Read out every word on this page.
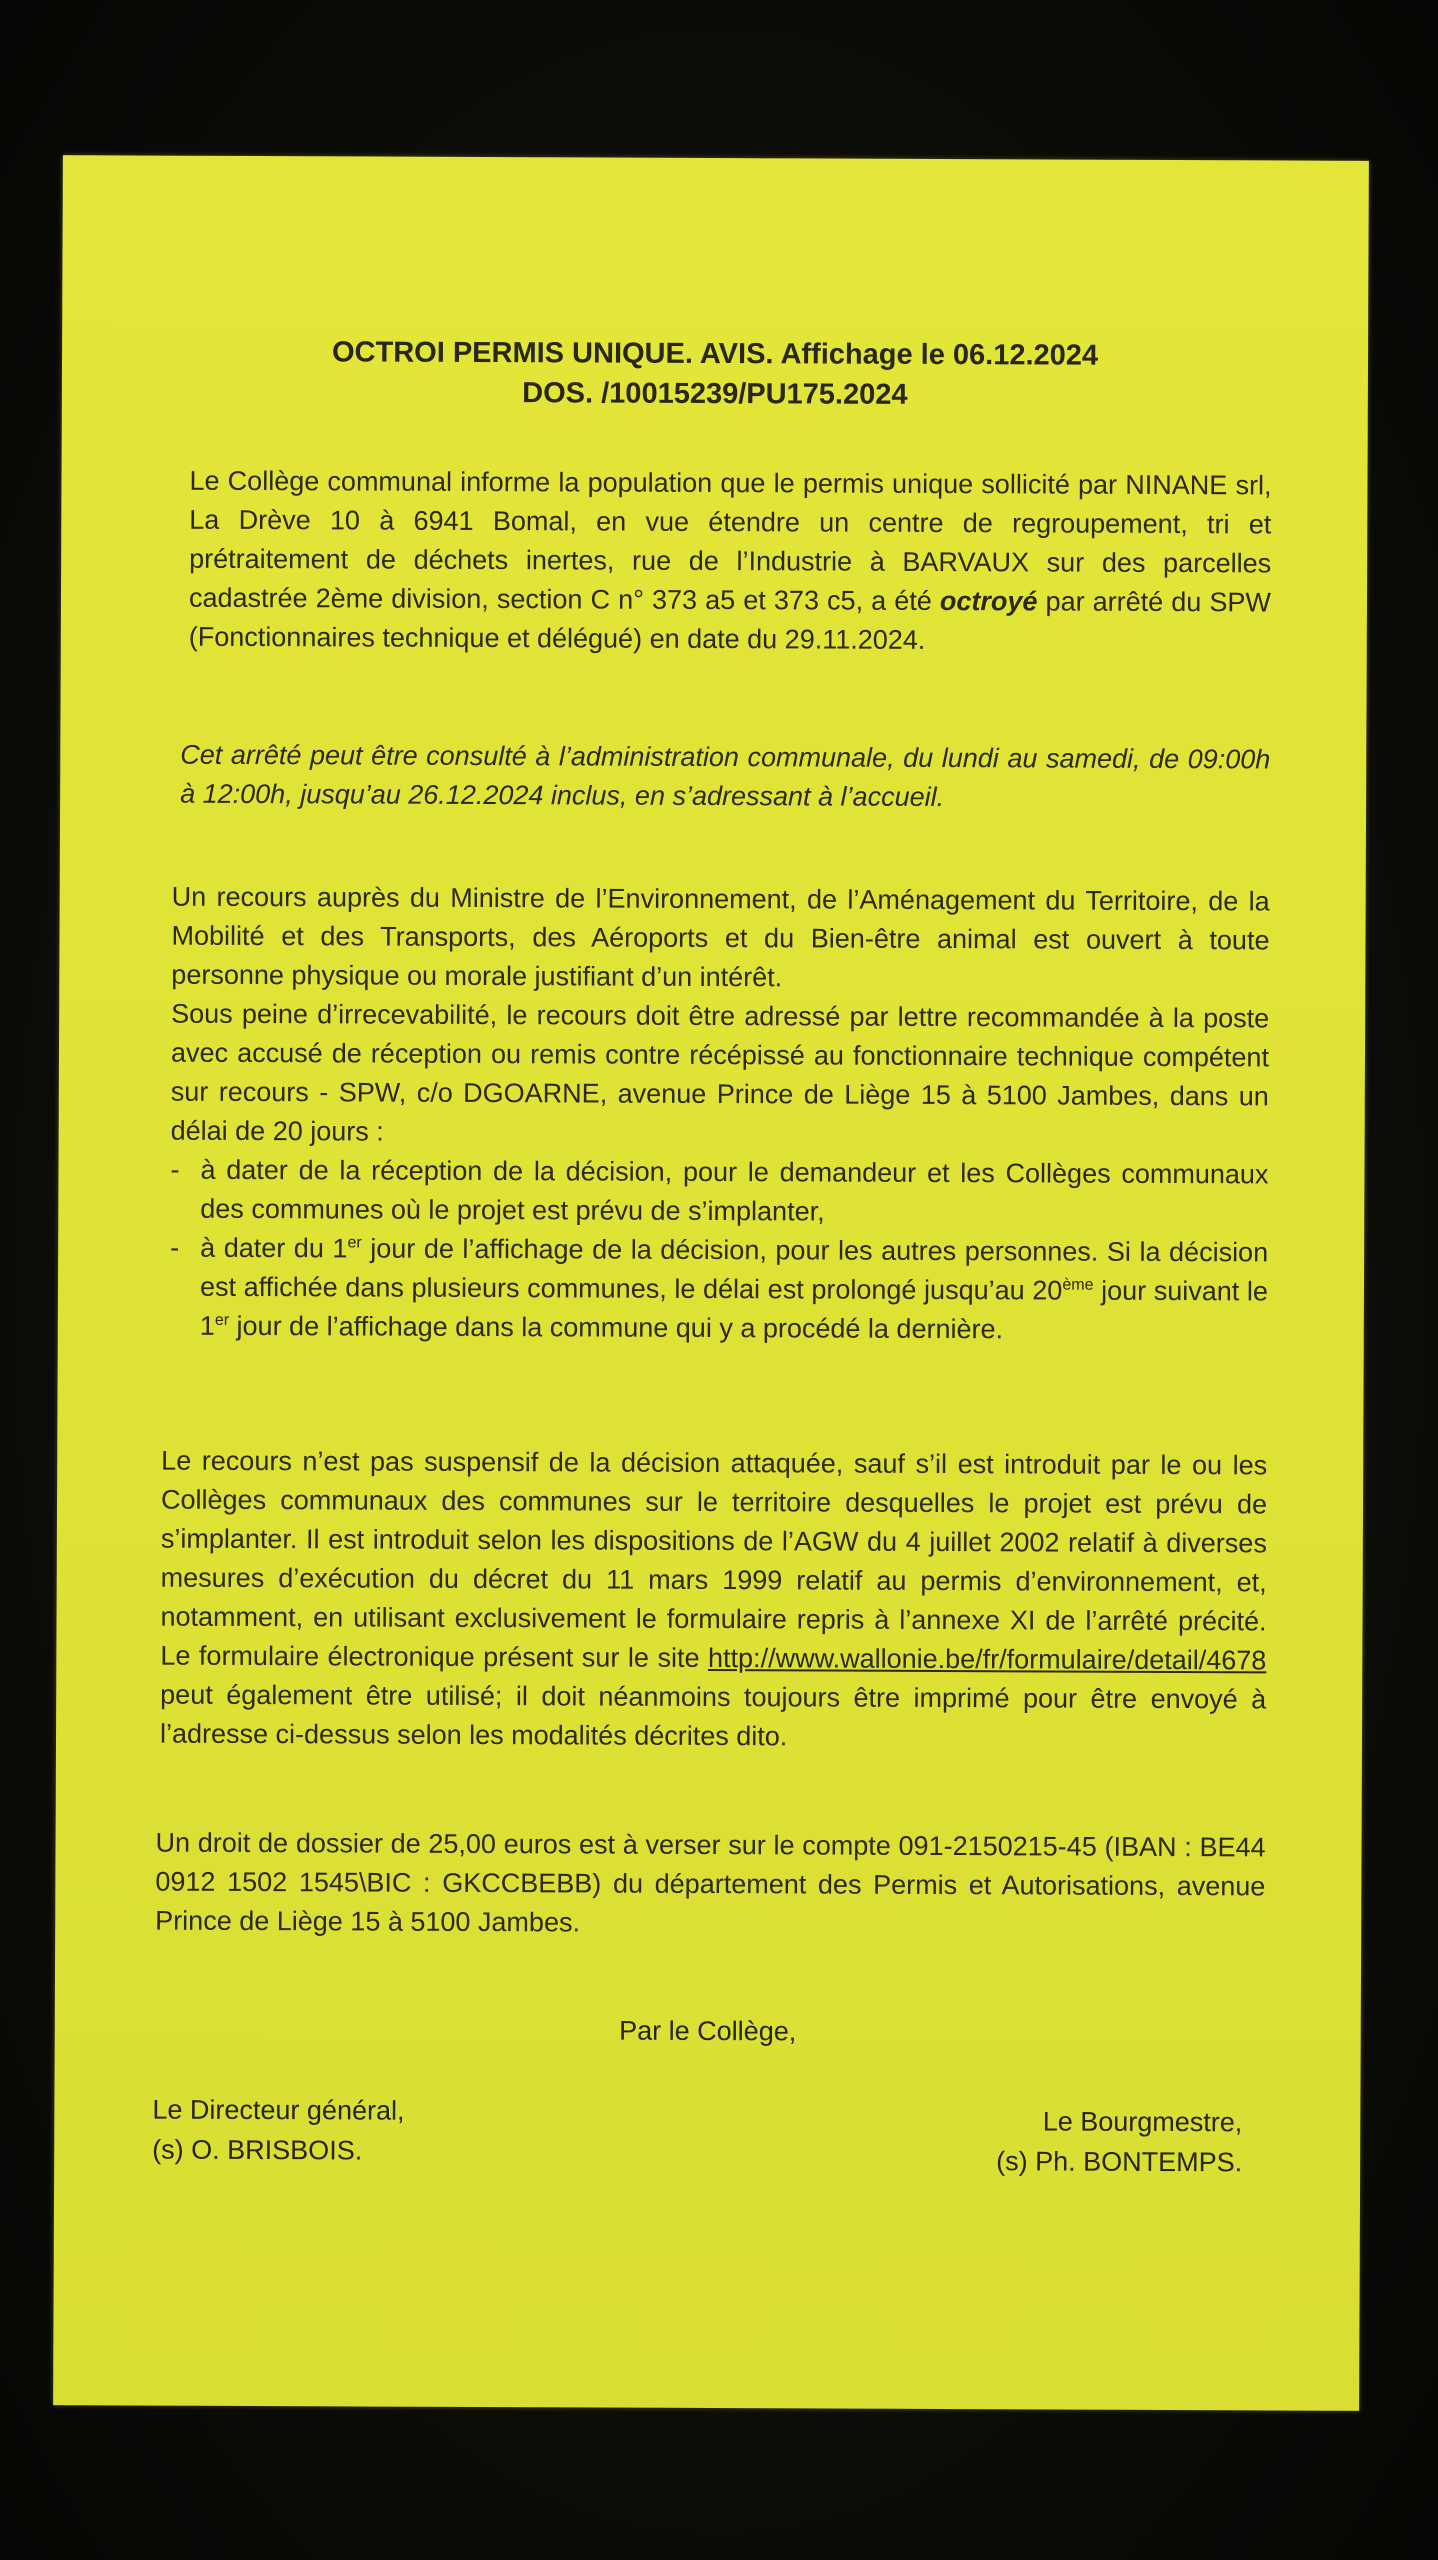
OCTROI PERMIS UNIQUE. AVIS. Affichage le 06.12.2024
DOS. /10015239/PU175.2024
Le Collège communal informe la population que le permis unique sollicité par NINANE srl, La Drève 10 à 6941 Bomal, en vue étendre un centre de regroupement, tri et prétraitement de déchets inertes, rue de l’Industrie à BARVAUX sur des parcelles cadastrée 2ème division, section C n° 373 a5 et 373 c5, a été octroyé par arrêté du SPW (Fonctionnaires technique et délégué) en date du 29.11.2024.
Cet arrêté peut être consulté à l’administration communale, du lundi au samedi, de 09:00h à 12:00h, jusqu’au 26.12.2024 inclus, en s’adressant à l’accueil.
Un recours auprès du Ministre de l’Environnement, de l’Aménagement du Territoire, de la Mobilité et des Transports, des Aéroports et du Bien-être animal est ouvert à toute personne physique ou morale justifiant d’un intérêt.
Sous peine d’irrecevabilité, le recours doit être adressé par lettre recommandée à la poste avec accusé de réception ou remis contre récépissé au fonctionnaire technique compétent sur recours - SPW, c/o DGOARNE, avenue Prince de Liège 15 à 5100 Jambes, dans un délai de 20 jours :
- à dater de la réception de la décision, pour le demandeur et les Collèges communaux des communes où le projet est prévu de s’implanter,
- à dater du 1er jour de l’affichage de la décision, pour les autres personnes. Si la décision est affichée dans plusieurs communes, le délai est prolongé jusqu’au 20ème jour suivant le 1er jour de l’affichage dans la commune qui y a procédé la dernière.
Le recours n’est pas suspensif de la décision attaquée, sauf s’il est introduit par le ou les Collèges communaux des communes sur le territoire desquelles le projet est prévu de s’implanter. Il est introduit selon les dispositions de l’AGW du 4 juillet 2002 relatif à diverses mesures d’exécution du décret du 11 mars 1999 relatif au permis d’environnement, et, notamment, en utilisant exclusivement le formulaire repris à l’annexe XI de l’arrêté précité. Le formulaire électronique présent sur le site http://www.wallonie.be/fr/formulaire/detail/4678 peut également être utilisé; il doit néanmoins toujours être imprimé pour être envoyé à l’adresse ci-dessus selon les modalités décrites dito.
Un droit de dossier de 25,00 euros est à verser sur le compte 091-2150215-45 (IBAN : BE44 0912 1502 1545\BIC : GKCCBEBB) du département des Permis et Autorisations, avenue Prince de Liège 15 à 5100 Jambes.
Par le Collège,
Le Directeur général,
(s) O. BRISBOIS.
Le Bourgmestre,
(s) Ph. BONTEMPS.
